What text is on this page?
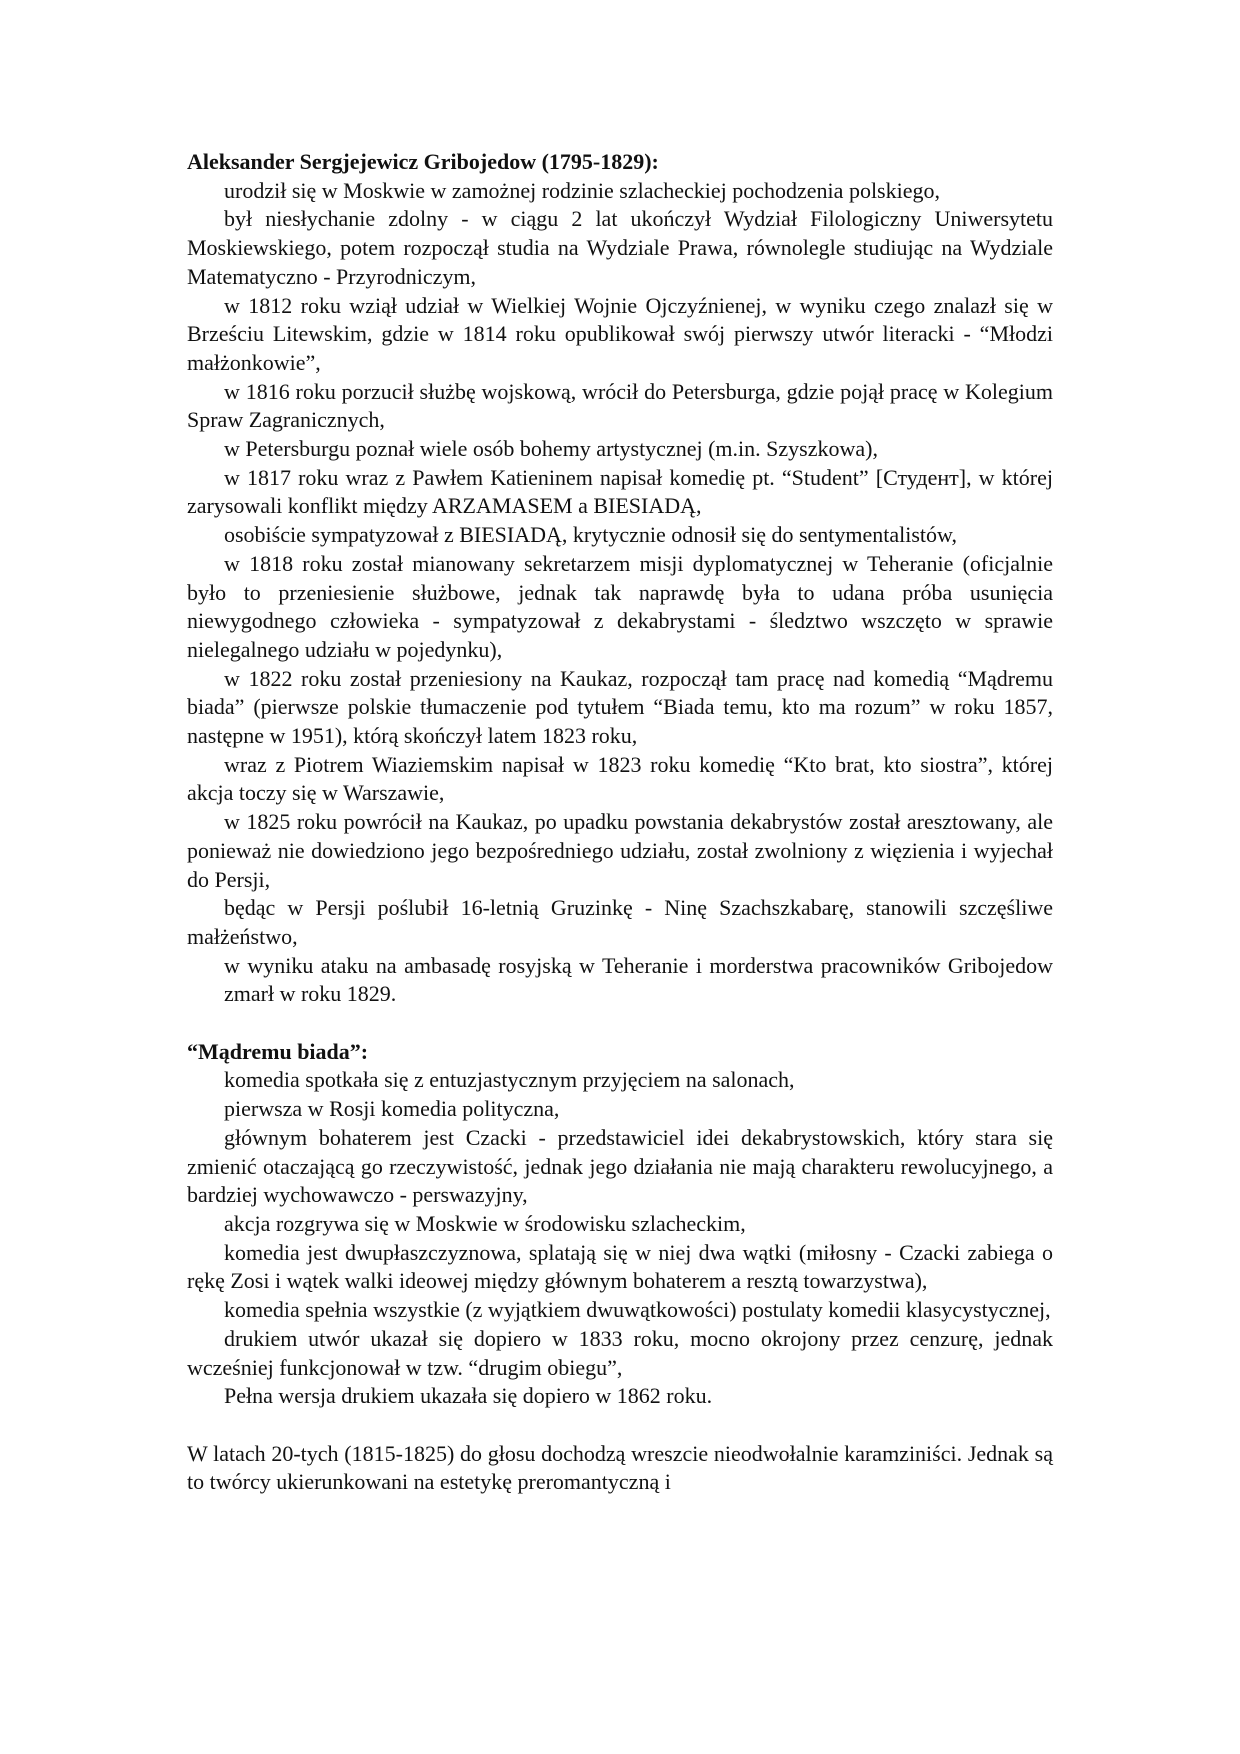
Aleksander Sergjejewicz Gribojedow (1795-1829):

urodził się w Moskwie w zamożnej rodzinie szlacheckiej pochodzenia polskiego,

był niesłychanie zdolny - w ciągu 2 lat ukończył Wydział Filologiczny Uniwersytetu Moskiewskiego, potem rozpoczął studia na Wydziale Prawa, równolegle studiując na Wydziale Matematyczno - Przyrodniczym,

w 1812 roku wziął udział w Wielkiej Wojnie Ojczyźnienej, w wyniku czego znalazł się w Brześciu Litewskim, gdzie w 1814 roku opublikował swój pierwszy utwór literacki - “Młodzi małżonkowie”,

w 1816 roku porzucił służbę wojskową, wrócił do Petersburga, gdzie pojął pracę w Kolegium Spraw Zagranicznych,

w Petersburgu poznał wiele osób bohemy artystycznej (m.in. Szyszkowa),

w 1817 roku wraz z Pawłem Katieninem napisał komedię pt. “Student” [Студент], w której zarysowali konflikt między ARZAMASEM a BIESIADĄ,

osobiście sympatyzował z BIESIADĄ, krytycznie odnosił się do sentymentalistów,

w 1818 roku został mianowany sekretarzem misji dyplomatycznej w Teheranie (oficjalnie było to przeniesienie służbowe, jednak tak naprawdę była to udana próba usunięcia niewygodnego człowieka - sympatyzował z dekabrystami - śledztwo wszczęto w sprawie nielegalnego udziału w pojedynku),

w 1822 roku został przeniesiony na Kaukaz, rozpoczął tam pracę nad komedią “Mądremu biada” (pierwsze polskie tłumaczenie pod tytułem “Biada temu, kto ma rozum” w roku 1857, następne w 1951), którą skończył latem 1823 roku,

wraz z Piotrem Wiaziemskim napisał w 1823 roku komedię “Kto brat, kto siostra”, której akcja toczy się w Warszawie,

w 1825 roku powrócił na Kaukaz, po upadku powstania dekabrystów został aresztowany, ale ponieważ nie dowiedziono jego bezpośredniego udziału, został zwolniony z więzienia i wyjechał do Persji,

będąc w Persji poślubił 16-letnią Gruzinkę - Ninę Szachszkabarę, stanowili szczęśliwe małżeństwo,

w wyniku ataku na ambasadę rosyjską w Teheranie i morderstwa pracowników Gribojedow zmarł w roku 1829.

“Mądremu biada”:

komedia spotkała się z entuzjastycznym przyjęciem na salonach,

pierwsza w Rosji komedia polityczna,

głównym bohaterem jest Czacki - przedstawiciel idei dekabrystowskich, który stara się zmienić otaczającą go rzeczywistość, jednak jego działania nie mają charakteru rewolucyjnego, a bardziej wychowawczo - perswazyjny,

akcja rozgrywa się w Moskwie w środowisku szlacheckim,

komedia jest dwupłaszczyznowa, splatają się w niej dwa wątki (miłosny - Czacki zabiega o rękę Zosi i wątek walki ideowej między głównym bohaterem a resztą towarzystwa),

komedia spełnia wszystkie (z wyjątkiem dwuwątkowości) postulaty komedii klasycystycznej,

drukiem utwór ukazał się dopiero w 1833 roku, mocno okrojony przez cenzurę, jednak wcześniej funkcjonował w tzw. “drugim obiegu”,

Pełna wersja drukiem ukazała się dopiero w 1862 roku.

W latach 20-tych (1815-1825) do głosu dochodzą wreszcie nieodwołalnie karamziniści. Jednak są to twórcy ukierunkowani na estetykę preromantyczną i
